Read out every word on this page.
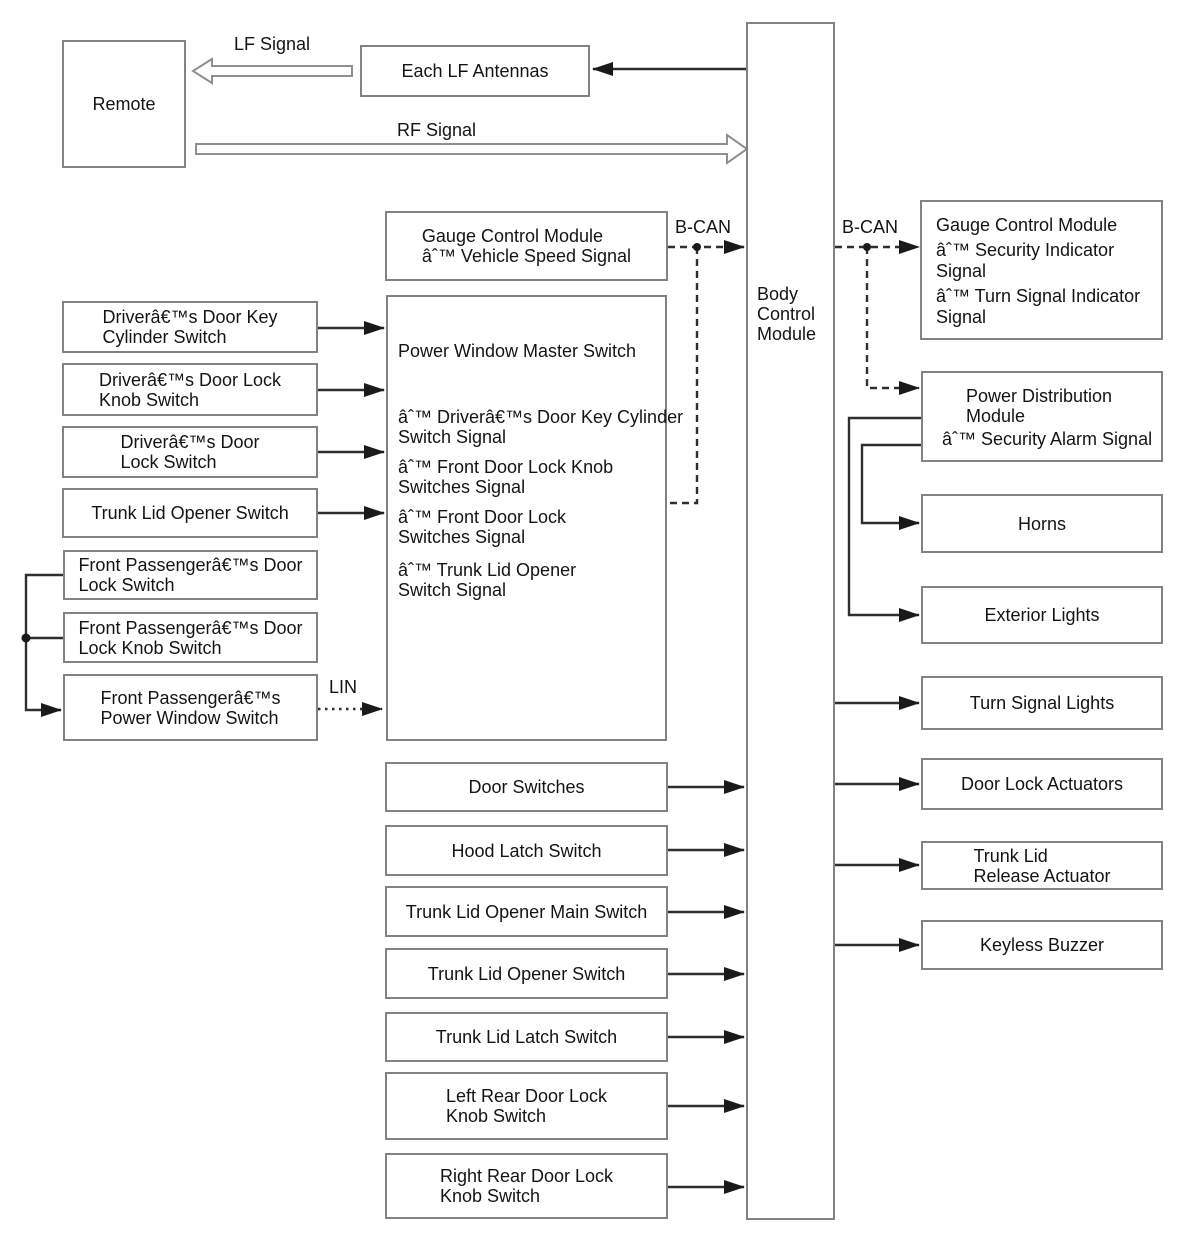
LF Signal
RF Signal
B-CAN	B-CAN
LIN
Remote
Each LF Antennas
Gauge Control Module
âˆ™ Vehicle Speed Signal
Power Window Master Switch
âˆ™ Driverâ€™s Door Key Cylinder
Switch Signal
âˆ™ Front Door Lock Knob
Switches Signal
âˆ™ Front Door Lock
Switches Signal
âˆ™ Trunk Lid Opener
Switch Signal
Driverâ€™s Door Key
Cylinder Switch
Driverâ€™s Door Lock
Knob Switch
Driverâ€™s Door
Lock Switch
Trunk Lid Opener Switch
Front Passengerâ€™s Door
Lock Switch
Front Passengerâ€™s Door
Lock Knob Switch
Front Passengerâ€™s
Power Window Switch
Door Switches
Hood Latch Switch
Trunk Lid Opener Main Switch
Trunk Lid Opener Switch
Trunk Lid Latch Switch
Left Rear Door Lock
Knob Switch
Right Rear Door Lock
Knob Switch
Body
Control
Module
Gauge Control Module
âˆ™ Security Indicator
Signal
âˆ™ Turn Signal Indicator
Signal
Power Distribution
Module
âˆ™ Security Alarm Signal
Horns
Exterior Lights
Turn Signal Lights
Door Lock Actuators
Trunk Lid
Release Actuator
Keyless Buzzer
